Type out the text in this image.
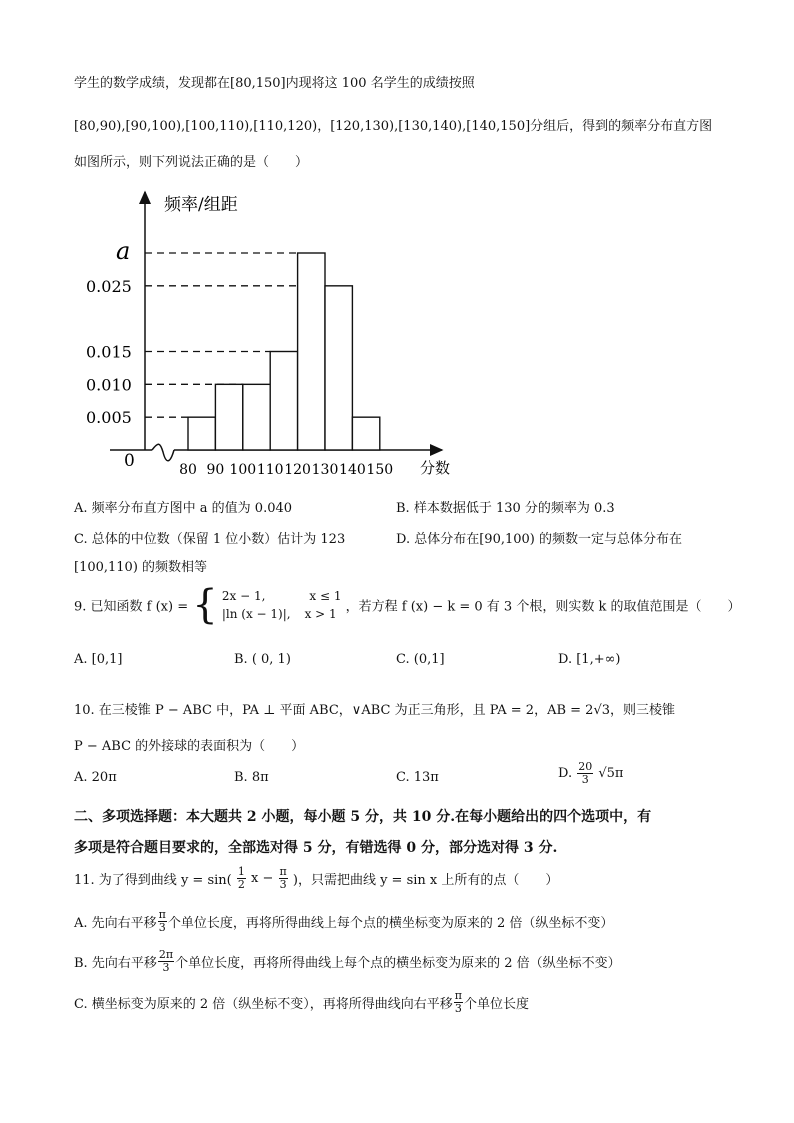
学生的数学成绩，发现都在[80,150]内现将这 100 名学生的成绩按照
[80,90),[90,100),[100,110),[110,120)，[120,130),[130,140),[140,150]分组后，得到的频率分布直方图
如图所示，则下列说法正确的是（　　）
频率/组距
分数
0
a
0.025
0.015
0.010
0.005
80 90 100 110 120 130 140 150
A. 频率分布直方图中 a 的值为 0.040	B. 样本数据低于 130 分的频率为 0.3
C. 总体的中位数（保留 1 位小数）估计为 123	D. 总体分布在[90,100) 的频数一定与总体分布在
[100,110) 的频数相等
9. 已知函数 f (x) = { 2x − 1,	x ≤ 1
|ln (x − 1)|, x > 1 ，若方程 f (x) − k = 0 有 3 个根，则实数 k 的取值范围是（　　）
A. [0,1]	B. ( 0, 1)	C. (0,1]	D. [1,+∞)
10. 在三棱锥 P − ABC 中，PA ⊥ 平面 ABC，∨ABC 为正三角形，且 PA = 2，AB = 2√3，则三棱锥
P − ABC 的外接球的表面积为（　　）
A. 20π	B. 8π	C. 13π	D. $\frac{20}{3} √5\pi$
二、多项选择题：本大题共 2 小题，每小题 5 分，共 10 分.在每小题给出的四个选项中，有
多项是符合题目要求的，全部选对得 5 分，有错选得 0 分，部分选对得 3 分.
11. 为了得到曲线 $y = \sin( \frac{1}{2}$ $x - \frac{\pi}{3}$ )，只需把曲线 y = sin x 上所有的点（　　）
A. 先向右平移 $\frac{\pi}{3}$ 个单位长度，再将所得曲线上每个点的横坐标变为原来的 2 倍（纵坐标不变）
B. 先向右平移 $\frac{2\pi}{3}$ 个单位长度，再将所得曲线上每个点的横坐标变为原来的 2 倍（纵坐标不变）
C. 横坐标变为原来的 2 倍（纵坐标不变），再将所得曲线向右平移 $\frac{\pi}{3}$ 个单位长度
